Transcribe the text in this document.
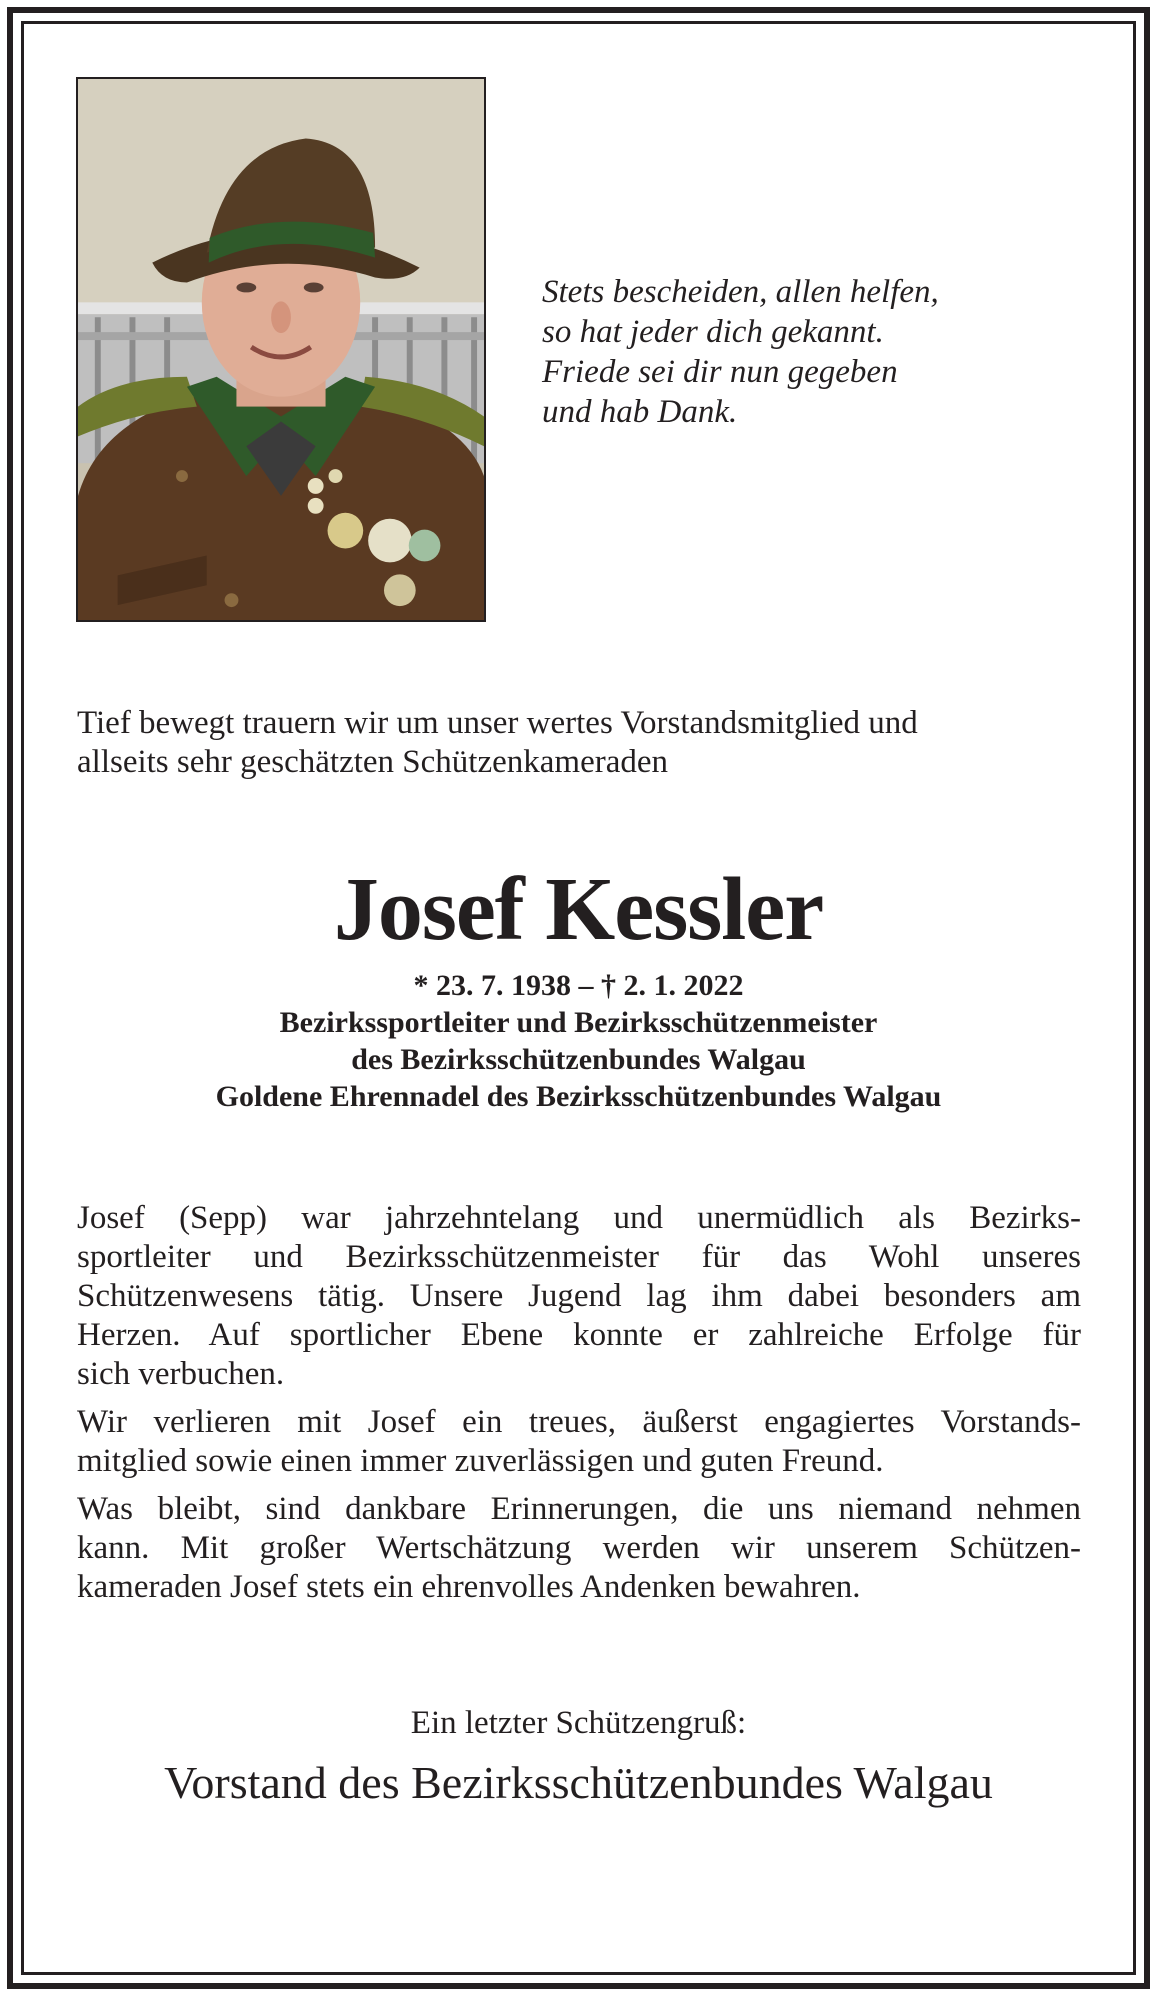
Stets bescheiden, allen helfen,
so hat jeder dich gekannt.
Friede sei dir nun gegeben
und hab Dank.
Tief bewegt trauern wir um unser wertes Vorstandsmitglied und
allseits sehr geschätzten Schützenkameraden
Josef Kessler
* 23. 7. 1938 – † 2. 1. 2022
Bezirkssportleiter und Bezirksschützenmeister
des Bezirksschützenbundes Walgau
Goldene Ehrennadel des Bezirksschützenbundes Walgau
Josef (Sepp) war jahrzehntelang und unermüdlich als Bezirks-
sportleiter und Bezirksschützenmeister für das Wohl unseres
Schützenwesens tätig. Unsere Jugend lag ihm dabei besonders am
Herzen. Auf sportlicher Ebene konnte er zahlreiche Erfolge für
sich verbuchen.
Wir verlieren mit Josef ein treues, äußerst engagiertes Vorstands-
mitglied sowie einen immer zuverlässigen und guten Freund.
Was bleibt, sind dankbare Erinnerungen, die uns niemand nehmen
kann. Mit großer Wertschätzung werden wir unserem Schützen-
kameraden Josef stets ein ehrenvolles Andenken bewahren.
Ein letzter Schützengruß:
Vorstand des Bezirksschützenbundes Walgau
